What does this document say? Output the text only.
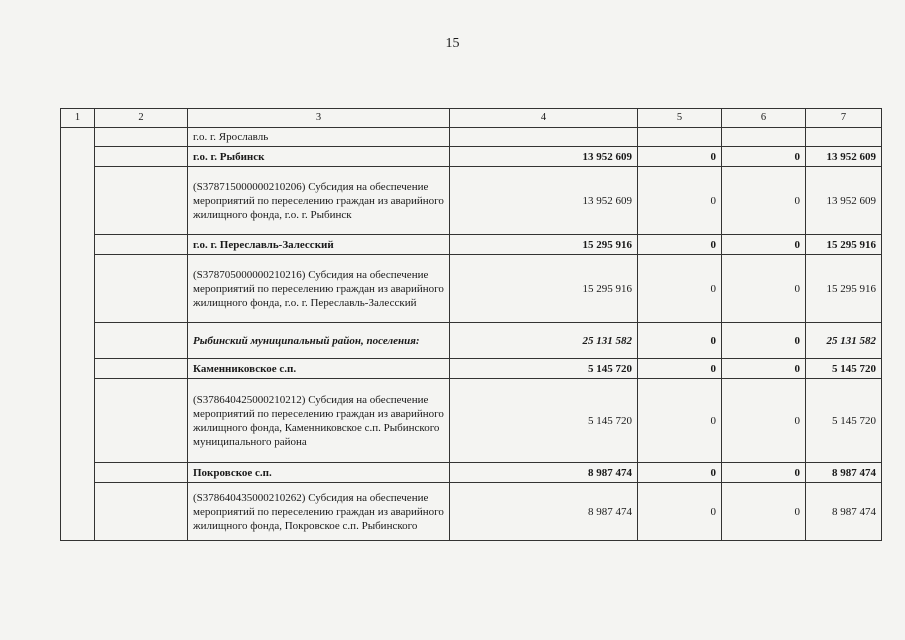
15
1	2	3	4	5	6	7
		г.о. г. Ярославль				
		г.о. г. Рыбинск	13 952 609	0	0	13 952 609
		(S378715000000210206) Субсидия на обеспечение мероприятий по переселению граждан из аварийного жилищного фонда, г.о. г. Рыбинск	13 952 609	0	0	13 952 609
		г.о. г. Переславль-Залесский	15 295 916	0	0	15 295 916
		(S378705000000210216) Субсидия на обеспечение мероприятий по переселению граждан из аварийного жилищного фонда, г.о. г. Переславль-Залесский	15 295 916	0	0	15 295 916
		Рыбинский муниципальный район, поселения:	25 131 582	0	0	25 131 582
		Каменниковское с.п.	5 145 720	0	0	5 145 720
		(S378640425000210212) Субсидия на обеспечение мероприятий по переселению граждан из аварийного жилищного фонда, Каменниковское с.п. Рыбинского муниципального района	5 145 720	0	0	5 145 720
		Покровское с.п.	8 987 474	0	0	8 987 474
		(S378640435000210262) Субсидия на обеспечение мероприятий по переселению граждан из аварийного жилищного фонда, Покровское с.п. Рыбинского	8 987 474	0	0	8 987 474
